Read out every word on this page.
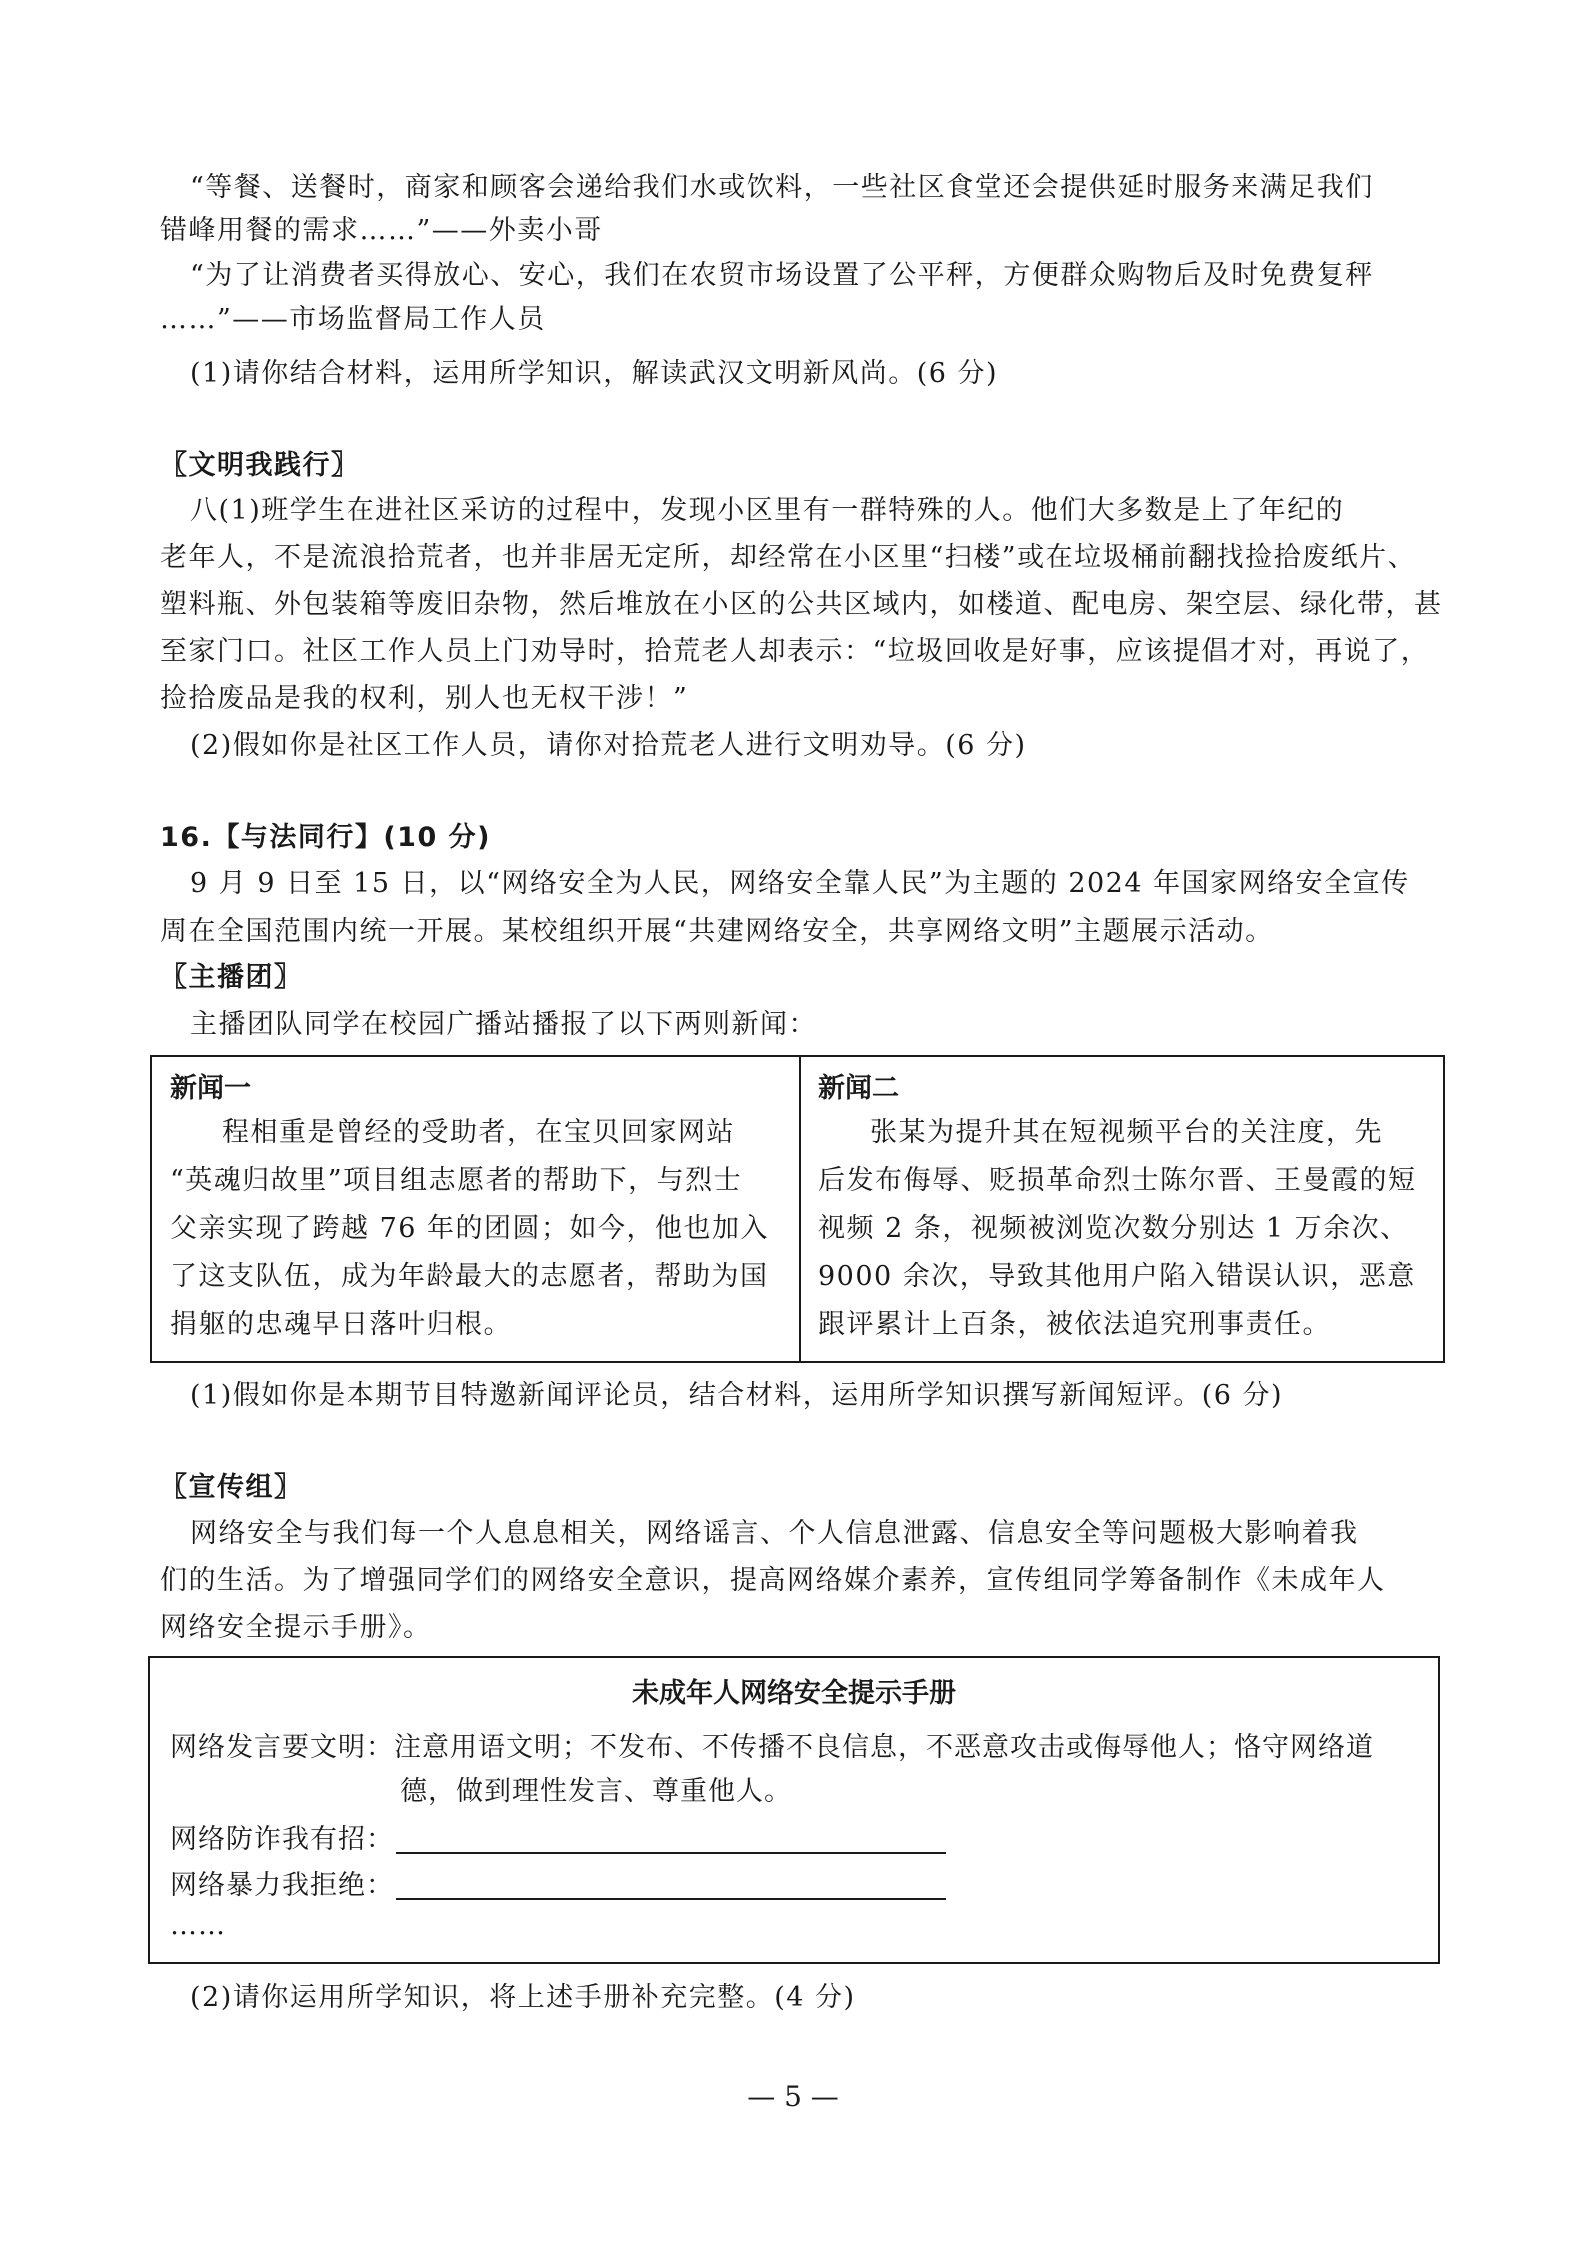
“等餐、送餐时，商家和顾客会递给我们水或饮料，一些社区食堂还会提供延时服务来满足我们
错峰用餐的需求……”——外卖小哥
“为了让消费者买得放心、安心，我们在农贸市场设置了公平秤，方便群众购物后及时免费复秤
……”——市场监督局工作人员
(1)请你结合材料，运用所学知识，解读武汉文明新风尚。(6 分)
〖文明我践行〗
八(1)班学生在进社区采访的过程中，发现小区里有一群特殊的人。他们大多数是上了年纪的
老年人，不是流浪拾荒者，也并非居无定所，却经常在小区里“扫楼”或在垃圾桶前翻找捡拾废纸片、
塑料瓶、外包装箱等废旧杂物，然后堆放在小区的公共区域内，如楼道、配电房、架空层、绿化带，甚
至家门口。社区工作人员上门劝导时，拾荒老人却表示：“垃圾回收是好事，应该提倡才对，再说了，
捡拾废品是我的权利，别人也无权干涉！”
(2)假如你是社区工作人员，请你对拾荒老人进行文明劝导。(6 分)
16.【与法同行】(10 分)
9 月 9 日至 15 日，以“网络安全为人民，网络安全靠人民”为主题的 2024 年国家网络安全宣传
周在全国范围内统一开展。某校组织开展“共建网络安全，共享网络文明”主题展示活动。
〖主播团〗
主播团队同学在校园广播站播报了以下两则新闻：
新闻一
程相重是曾经的受助者，在宝贝回家网站
“英魂归故里”项目组志愿者的帮助下，与烈士
父亲实现了跨越 76 年的团圆；如今，他也加入
了这支队伍，成为年龄最大的志愿者，帮助为国
捐躯的忠魂早日落叶归根。
新闻二
张某为提升其在短视频平台的关注度，先
后发布侮辱、贬损革命烈士陈尔晋、王曼霞的短
视频 2 条，视频被浏览次数分别达 1 万余次、
9000 余次，导致其他用户陷入错误认识，恶意
跟评累计上百条，被依法追究刑事责任。
(1)假如你是本期节目特邀新闻评论员，结合材料，运用所学知识撰写新闻短评。(6 分)
〖宣传组〗
网络安全与我们每一个人息息相关，网络谣言、个人信息泄露、信息安全等问题极大影响着我
们的生活。为了增强同学们的网络安全意识，提高网络媒介素养，宣传组同学筹备制作《未成年人
网络安全提示手册》。
未成年人网络安全提示手册
网络发言要文明：注意用语文明；不发布、不传播不良信息，不恶意攻击或侮辱他人；恪守网络道
德，做到理性发言、尊重他人。
网络防诈我有招：
网络暴力我拒绝：
……
(2)请你运用所学知识，将上述手册补充完整。(4 分)
— 5 —
